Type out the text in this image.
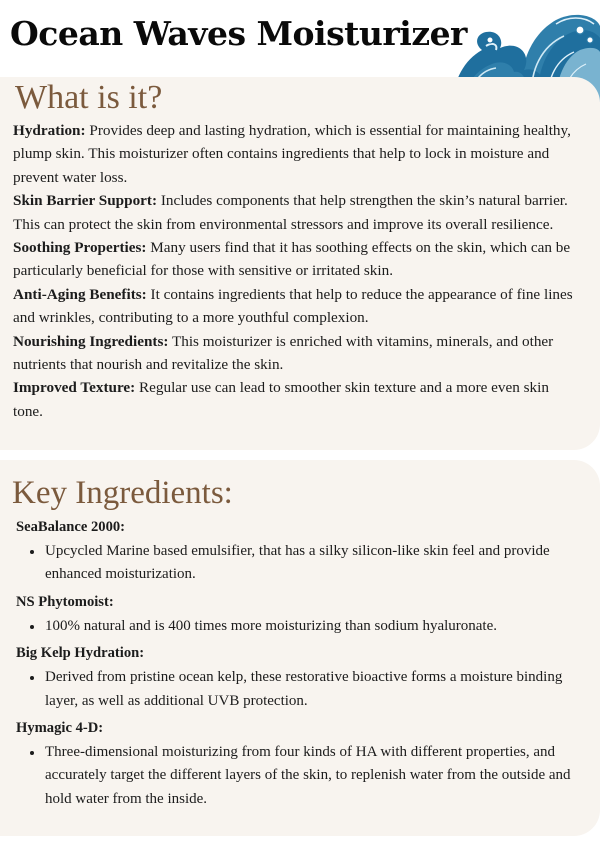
Ocean Waves Moisturizer
What is it?

Hydration: Provides deep and lasting hydration, which is essential for maintaining healthy, plump skin. This moisturizer often contains ingredients that help to lock in moisture and prevent water loss.

Skin Barrier Support: Includes components that help strengthen the skin’s natural barrier. This can protect the skin from environmental stressors and improve its overall resilience.

Soothing Properties: Many users find that it has soothing effects on the skin, which can be particularly beneficial for those with sensitive or irritated skin.

Anti-Aging Benefits: It contains ingredients that help to reduce the appearance of fine lines and wrinkles, contributing to a more youthful complexion.

Nourishing Ingredients: This moisturizer is enriched with vitamins, minerals, and other nutrients that nourish and revitalize the skin.

Improved Texture: Regular use can lead to smoother skin texture and a more even skin tone.

Key Ingredients:

SeaBalance 2000:

• Upcycled Marine based emulsifier, that has a silky silicon-like skin feel and provide enhanced moisturization.

NS Phytomoist:

• 100% natural and is 400 times more moisturizing than sodium hyaluronate.

Big Kelp Hydration:

• Derived from pristine ocean kelp, these restorative bioactive forms a moisture binding layer, as well as additional UVB protection.

Hymagic 4-D:

• Three-dimensional moisturizing from four kinds of HA with different properties, and accurately target the different layers of the skin, to replenish water from the outside and hold water from the inside.
